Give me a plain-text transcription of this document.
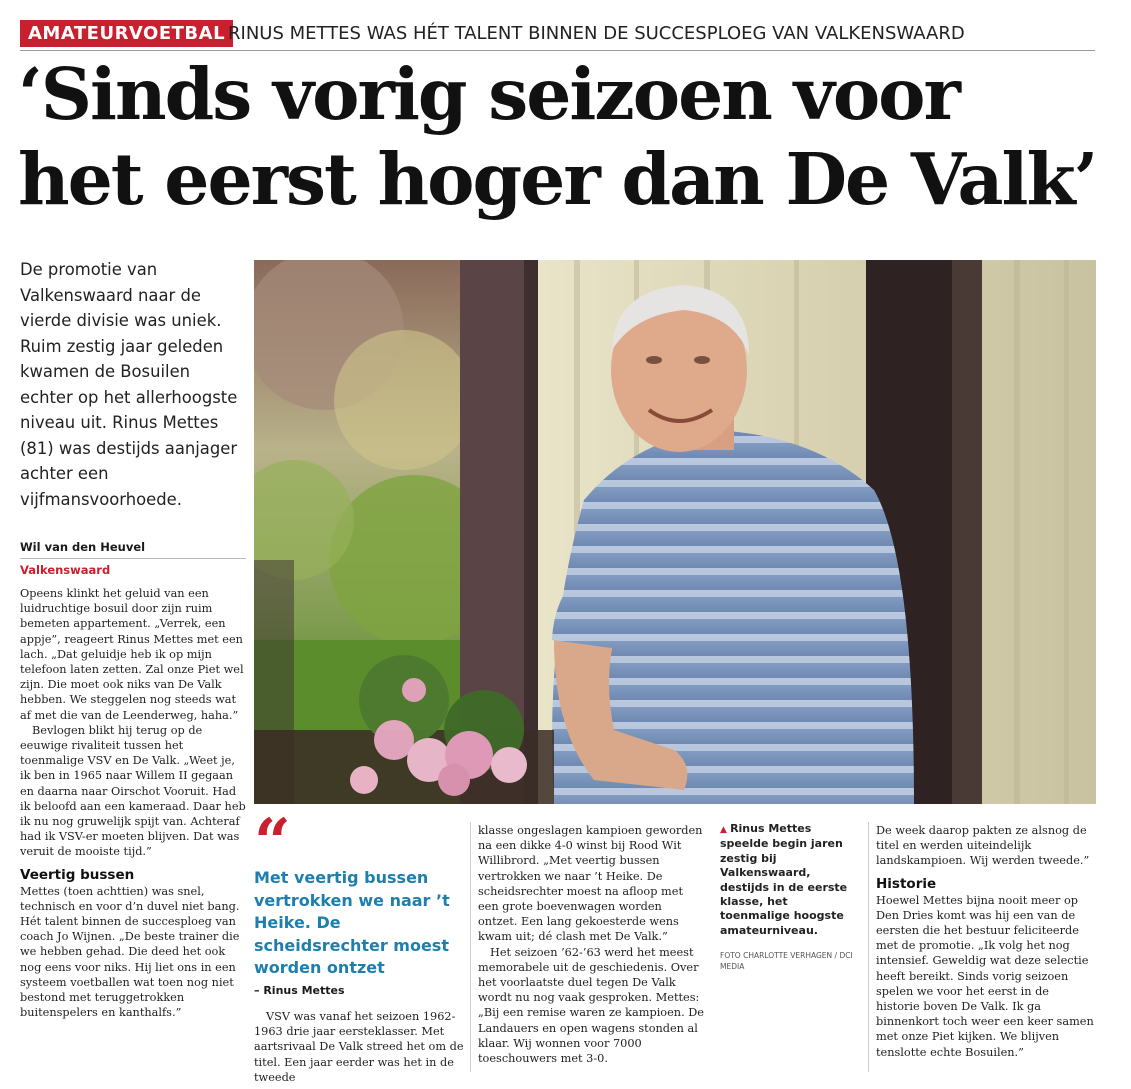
AMATEURVOETBAL RINUS METTES WAS HÉT TALENT BINNEN DE SUCCESPLOEG VAN VALKENSWAARD
‘Sinds vorig seizoen voor
het eerst hoger dan De Valk’
De promotie van Valkenswaard naar de vierde divisie was uniek. Ruim zestig jaar geleden kwamen de Bosuilen echter op het allerhoogste niveau uit. Rinus Mettes (81) was destijds aanjager achter een vijfmansvoorhoede.
Wil van den Heuvel
Valkenswaard

Opeens klinkt het geluid van een luidruchtige bosuil door zijn ruim bemeten appartement. „Verrek, een appje”, reageert Rinus Mettes met een lach. „Dat geluidje heb ik op mijn telefoon laten zetten. Zal onze Piet wel zijn. Die moet ook niks van De Valk hebben. We steggelen nog steeds wat af met die van de Leenderweg, haha.”

Bevlogen blikt hij terug op de eeuwige rivaliteit tussen het toenmalige VSV en De Valk. „Weet je, ik ben in 1965 naar Willem II gegaan en daarna naar Oirschot Vooruit. Had ik beloofd aan een kameraad. Daar heb ik nu nog gruwelijk spijt van. Achteraf had ik VSV-er moeten blijven. Dat was veruit de mooiste tijd.”

Veertig bussen

Mettes (toen achttien) was snel, technisch en voor d’n duvel niet bang. Hét talent binnen de succesploeg van coach Jo Wijnen. „De beste trainer die we hebben gehad. Die deed het ook nog eens voor niks. Hij liet ons in een systeem voetballen wat toen nog niet bestond met teruggetrokken buitenspelers en kanthalfs.”

“
Met veertig bussen vertrokken we naar ’t Heike. De scheidsrechter moest worden ontzet
– Rinus Mettes

VSV was vanaf het seizoen 1962-1963 drie jaar eersteklasser. Met aartsrivaal De Valk streed het om de titel. Een jaar eerder was het in de tweede

klasse ongeslagen kampioen geworden na een dikke 4-0 winst bij Rood Wit Willibrord. „Met veertig bussen vertrokken we naar ’t Heike. De scheidsrechter moest na afloop met een grote boevenwagen worden ontzet. Een lang gekoesterde wens kwam uit; dé clash met De Valk.”

Het seizoen ’62-’63 werd het meest memorabele uit de geschiedenis. Over het voorlaatste duel tegen De Valk wordt nu nog vaak gesproken. Mettes: „Bij een remise waren ze kampioen. De Landauers en open wagens stonden al klaar. Wij wonnen voor 7000 toeschouwers met 3-0.

▲ Rinus Mettes speelde begin jaren zestig bij Valkenswaard, destijds in de eerste klasse, het toenmalige hoogste amateurniveau.
FOTO CHARLOTTE VERHAGEN / DCI MEDIA

De week daarop pakten ze alsnog de titel en werden uiteindelijk landskampioen. Wij werden tweede.”

Historie

Hoewel Mettes bijna nooit meer op Den Dries komt was hij een van de eersten die het bestuur feliciteerde met de promotie. „Ik volg het nog intensief. Geweldig wat deze selectie heeft bereikt. Sinds vorig seizoen spelen we voor het eerst in de historie boven De Valk. Ik ga binnenkort toch weer een keer samen met onze Piet kijken. We blijven tenslotte echte Bosuilen.”
